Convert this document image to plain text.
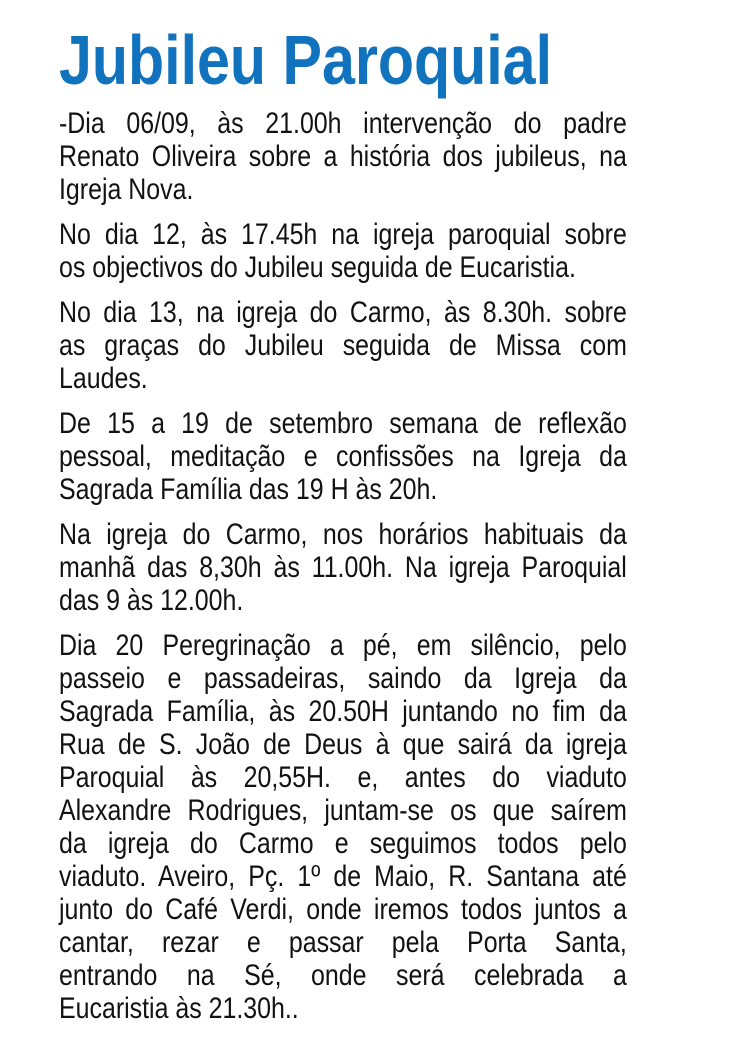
Jubileu Paroquial
-Dia 06/09, às 21.00h intervenção do padre
Renato Oliveira sobre a história dos jubileus, na
Igreja Nova.
No dia 12, às 17.45h na igreja paroquial sobre
os objectivos do Jubileu seguida de Eucaristia.
No dia 13, na igreja do Carmo, às 8.30h. sobre
as graças do Jubileu seguida de Missa com
Laudes.
De 15 a 19 de setembro semana de reflexão
pessoal, meditação e confissões na Igreja da
Sagrada Família das 19 H às 20h.
Na igreja do Carmo, nos horários habituais da
manhã das 8,30h às 11.00h. Na igreja Paroquial
das 9 às 12.00h.
Dia 20 Peregrinação a pé, em silêncio, pelo
passeio e passadeiras, saindo da Igreja da
Sagrada Família, às 20.50H juntando no fim da
Rua de S. João de Deus à que sairá da igreja
Paroquial às 20,55H. e, antes do viaduto
Alexandre Rodrigues, juntam-se os que saírem
da igreja do Carmo e seguimos todos pelo
viaduto. Aveiro, Pç. 1º de Maio, R. Santana até
junto do Café Verdi, onde iremos todos juntos a
cantar, rezar e passar pela Porta Santa,
entrando na Sé, onde será celebrada a
Eucaristia às 21.30h..
